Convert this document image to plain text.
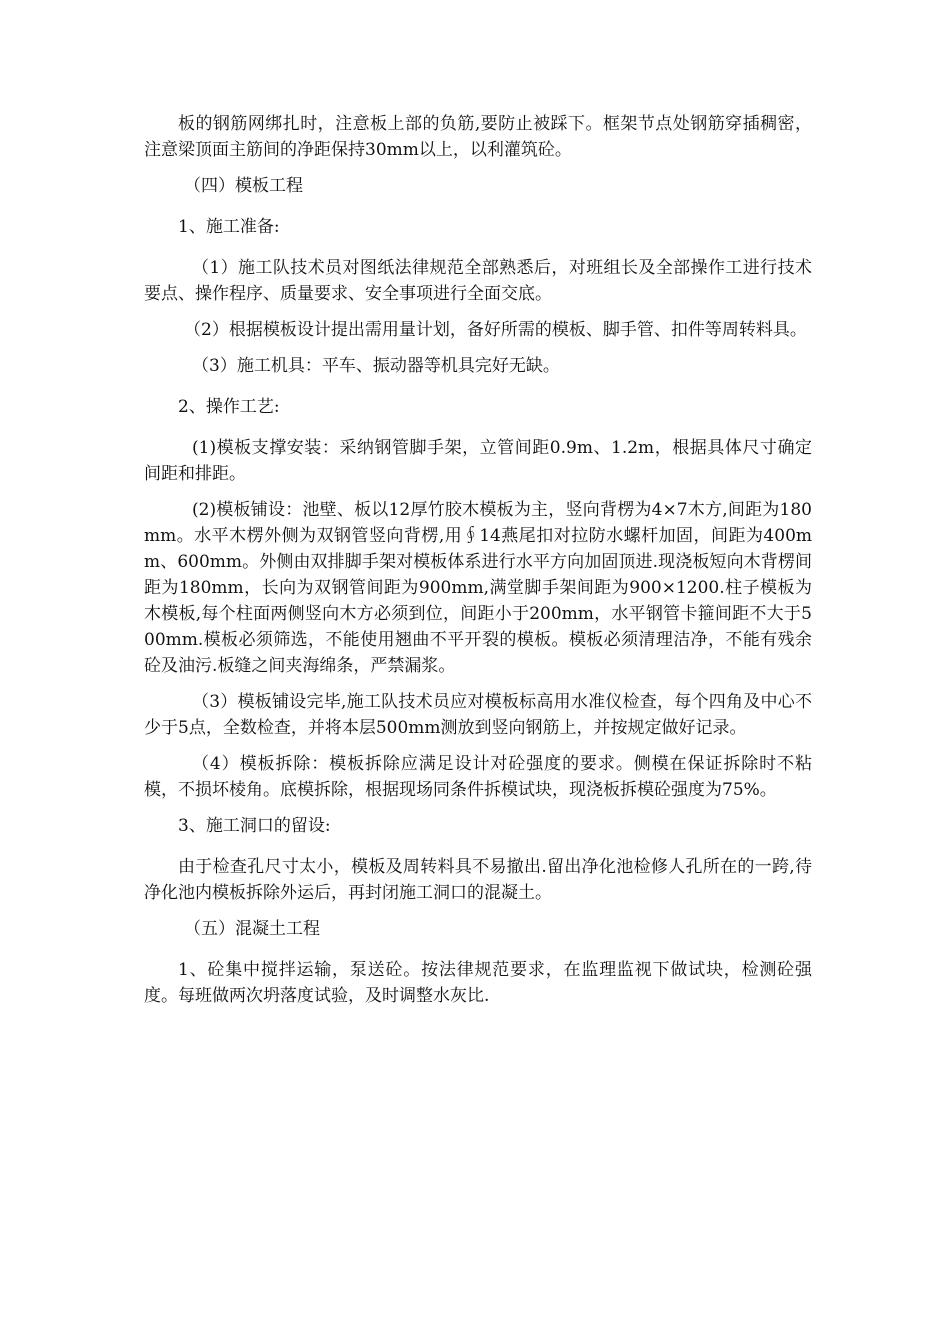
板的钢筋网绑扎时，注意板上部的负筋,要防止被踩下。框架节点处钢筋穿插稠密，注意梁顶面主筋间的净距保持30mm以上，以利灌筑砼。

（四）模板工程

1、施工准备:

（1）施工队技术员对图纸法律规范全部熟悉后，对班组长及全部操作工进行技术要点、操作程序、质量要求、安全事项进行全面交底。

（2）根据模板设计提出需用量计划，备好所需的模板、脚手管、扣件等周转料具。

（3）施工机具：平车、振动器等机具完好无缺。

2、操作工艺:

(1)模板支撑安装：采纳钢管脚手架，立管间距0.9m、1.2m，根据具体尺寸确定间距和排距。

(2)模板铺设：池壁、板以12厚竹胶木模板为主，竖向背楞为4×7木方,间距为180mm。水平木楞外侧为双钢管竖向背楞,用∮14燕尾扣对拉防水螺杆加固，间距为400mm、600mm。外侧由双排脚手架对模板体系进行水平方向加固顶进.现浇板短向木背楞间距为180mm，长向为双钢管间距为900mm,满堂脚手架间距为900×1200.柱子模板为木模板,每个柱面两侧竖向木方必须到位，间距小于200mm，水平钢管卡箍间距不大于500mm.模板必须筛选，不能使用翘曲不平开裂的模板。模板必须清理洁净，不能有残余砼及油污.板缝之间夹海绵条，严禁漏浆。

（3）模板铺设完毕,施工队技术员应对模板标高用水准仪检查，每个四角及中心不少于5点，全数检查，并将本层500mm测放到竖向钢筋上，并按规定做好记录。

（4）模板拆除：模板拆除应满足设计对砼强度的要求。侧模在保证拆除时不粘模，不损坏棱角。底模拆除，根据现场同条件拆模试块，现浇板拆模砼强度为75%。

3、施工洞口的留设:

由于检查孔尺寸太小，模板及周转料具不易撤出.留出净化池检修人孔所在的一跨,待净化池内模板拆除外运后，再封闭施工洞口的混凝土。

（五）混凝土工程

1、砼集中搅拌运输，泵送砼。按法律规范要求，在监理监视下做试块，检测砼强度。每班做两次坍落度试验，及时调整水灰比.
